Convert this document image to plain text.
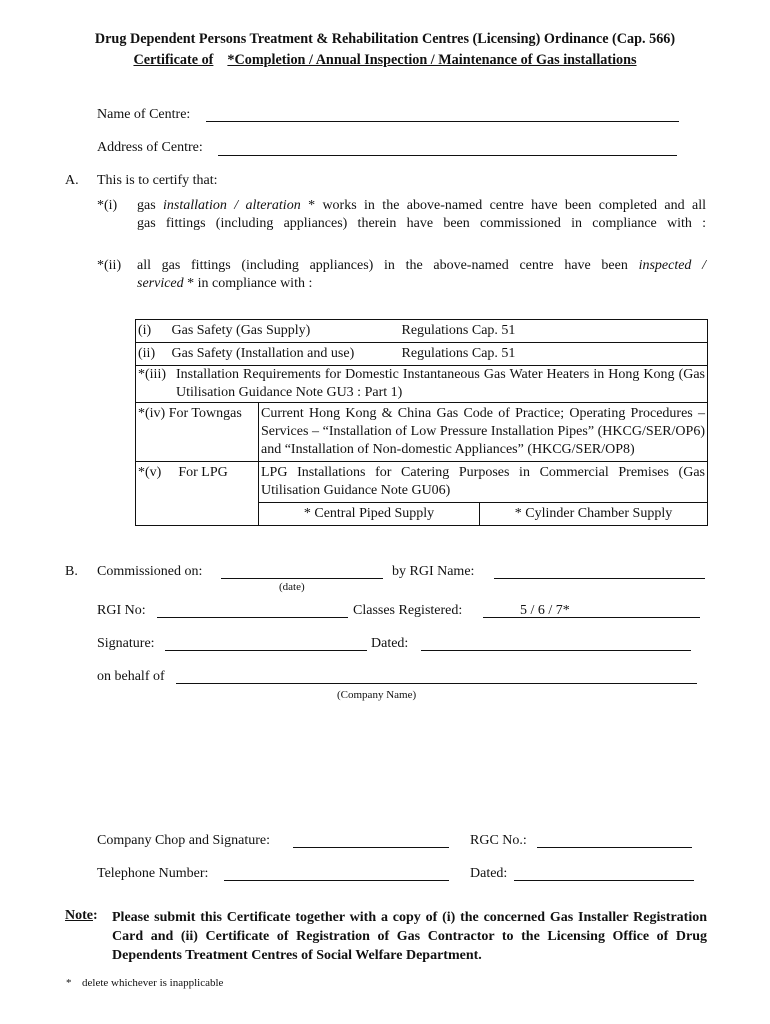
Drug Dependent Persons Treatment & Rehabilitation Centres (Licensing) Ordinance (Cap. 566)
Certificate of *Completion / Annual Inspection / Maintenance of Gas installations
Name of Centre:
Address of Centre:
A. This is to certify that:
*(i) gas installation / alteration * works in the above-named centre have been completed and all
gas fittings (including appliances) therein have been commissioned in compliance with :
*(ii) all gas fittings (including appliances) in the above-named centre have been inspected /
serviced * in compliance with :
(i)	Gas Safety (Gas Supply)		Regulations Cap. 51	
(ii)	Gas Safety (Installation and use)		Regulations Cap. 51	

*(iii) Installation Requirements for Domestic Instantaneous Gas Water Heaters in Hong Kong (Gas Utilisation Guidance Note GU3 : Part 1)				

*(iv) For Towngas		Current Hong Kong & China Gas Code of Practice; Operating Procedures – Services – “Installation of Low Pressure Installation Pipes” (HKCG/SER/OP6) and “Installation of Non-domestic Appliances” (HKCG/SER/OP8)		
*(v) For LPG		LPG Installations for Catering Purposes in Commercial Premises (Gas Utilisation Guidance Note GU06)		
		* Central Piped Supply		* Cylinder Chamber Supply
B. Commissioned on:
(date)
by RGI Name:
RGI No:	Classes Registered:	5 / 6 / 7*
Signature:	Dated:
on behalf of
(Company Name)
Company Chop and Signature:	RGC No.:
Telephone Number:	Dated:
Note: Please submit this Certificate together with a copy of (i) the concerned Gas Installer Registration Card and (ii) Certificate of Registration of Gas Contractor to the Licensing Office of Drug Dependents Treatment Centres of Social Welfare Department.
* delete whichever is inapplicable
